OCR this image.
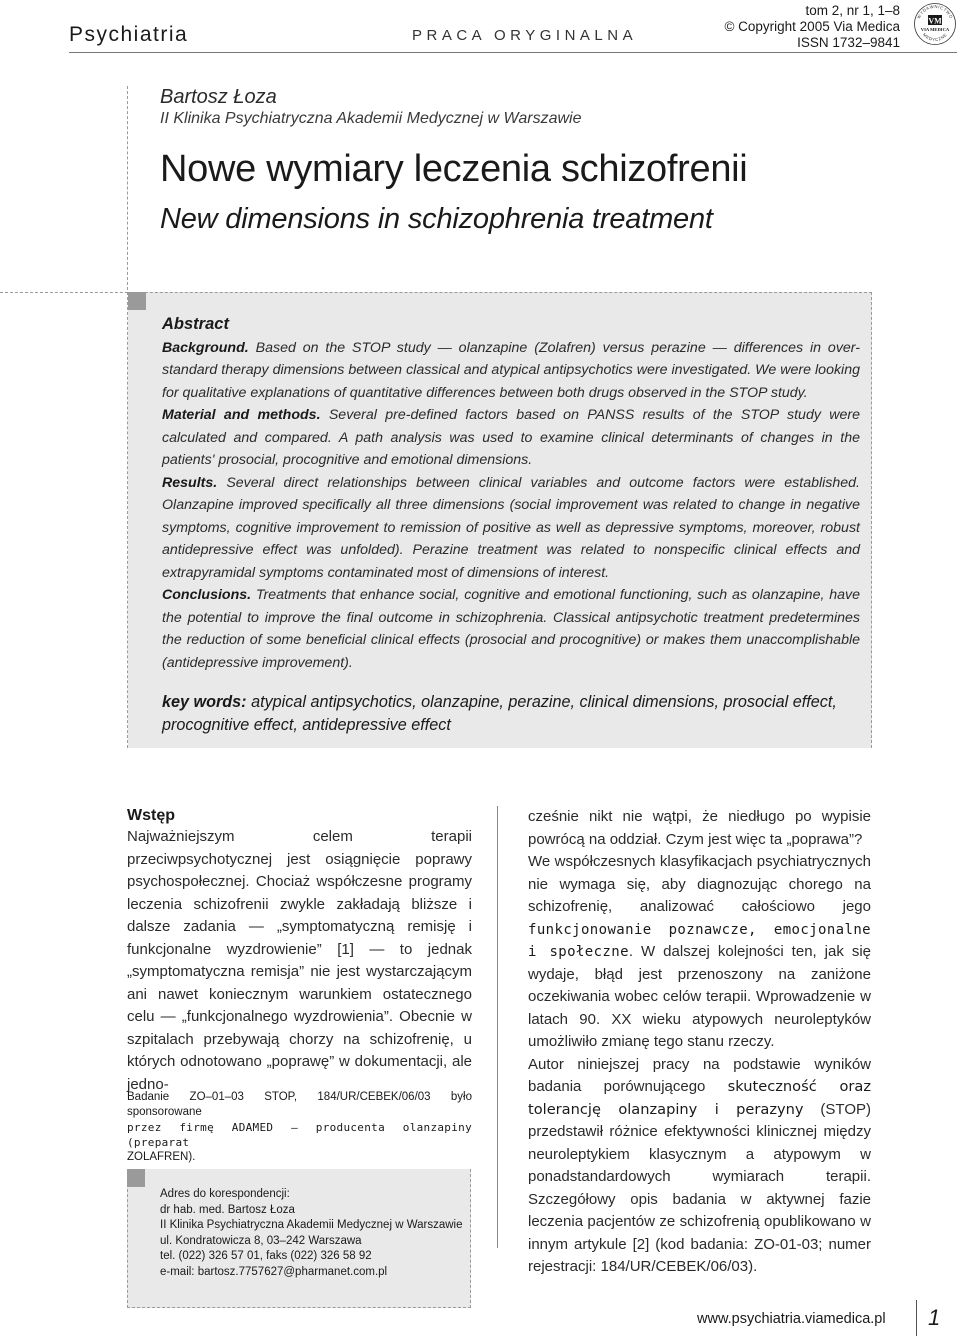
Psychiatria	PRACA ORYGINALNA
tom 2, nr 1, 1–8
© Copyright 2005 Via Medica
ISSN 1732–9841
WYDAWNICTWO
MEDYCZNE
VM
VIA MEDICA
Bartosz Łoza
II Klinika Psychiatryczna Akademii Medycznej w Warszawie
Nowe wymiary leczenia schizofrenii
New dimensions in schizophrenia treatment
Abstract

Background. Based on the STOP study — olanzapine (Zolafren) versus perazine — differences in over-standard therapy dimensions between classical and atypical antipsychotics were investigated. We were looking for qualitative explanations of quantitative differences between both drugs observed in the STOP study.

Material and methods. Several pre-defined factors based on PANSS results of the STOP study were calculated and compared. A path analysis was used to examine clinical determinants of changes in the patients' prosocial, procognitive and emotional dimensions.

Results. Several direct relationships between clinical variables and outcome factors were established. Olanzapine improved specifically all three dimensions (social improvement was related to change in negative symptoms, cognitive improvement to remission of positive as well as depressive symptoms, moreover, robust antidepressive effect was unfolded). Perazine treatment was related to nonspecific clinical effects and extrapyramidal symptoms contaminated most of dimensions of interest.

Conclusions. Treatments that enhance social, cognitive and emotional functioning, such as olanzapine, have the potential to improve the final outcome in schizophrenia. Classical antipsychotic treatment predetermines the reduction of some beneficial clinical effects (prosocial and procognitive) or makes them unaccomplishable (antidepressive improvement).

key words: atypical antipsychotics, olanzapine, perazine, clinical dimensions, prosocial effect, procognitive effect, antidepressive effect
Wstęp

Najważniejszym celem terapii przeciwpsychotycznej jest osiągnięcie poprawy psychospołecznej. Chociaż współczesne programy leczenia schizofrenii zwykle zakładają bliższe i dalsze zadania — „symptomatyczną remisję i funkcjonalne wyzdrowienie” [1] — to jednak „symptomatyczna remisja” nie jest wystarczającym ani nawet koniecznym warunkiem ostatecznego celu — „funkcjonalnego wyzdrowienia”. Obecnie w szpitalach przebywają chorzy na schizofrenię, u których odnotowano „poprawę” w dokumentacji, ale jedno-

Badanie ZO–01–03 STOP, 184/UR/CEBEK/06/03 było sponsorowane
przez firmę ADAMED — producenta olanzapiny (preparat
ZOLAFREN).
Adres do korespondencji:
dr hab. med. Bartosz Łoza
II Klinika Psychiatryczna Akademii Medycznej w Warszawie
ul. Kondratowicza 8, 03–242 Warszawa
tel. (022) 326 57 01, faks (022) 326 58 92
e-mail: bartosz.7757627@pharmanet.com.pl

cześnie nikt nie wątpi, że niedługo po wypisie powrócą na oddział. Czym jest więc ta „poprawa”?

We współczesnych klasyfikacjach psychiatrycznych nie wymaga się, aby diagnozując chorego na schizofrenię, analizować całościowo jego funkcjonowanie poznawcze, emocjonalne i społeczne. W dalszej kolejności ten, jak się wydaje, błąd jest przenoszony na zaniżone oczekiwania wobec celów terapii. Wprowadzenie w latach 90. XX wieku atypowych neuroleptyków umożliwiło zmianę tego stanu rzeczy.

Autor niniejszej pracy na podstawie wyników badania porównującego skuteczność oraz tolerancję olanzapiny i perazyny (STOP) przedstawił różnice efektywności klinicznej między neuroleptykiem klasycznym a atypowym w ponadstandardowych wymiarach terapii. Szczegółowy opis badania w aktywnej fazie leczenia pacjentów ze schizofrenią opublikowano w innym artykule [2] (kod badania: ZO-01-03; numer rejestracji: 184/UR/CEBEK/06/03).

www.psychiatria.viamedica.pl 1
